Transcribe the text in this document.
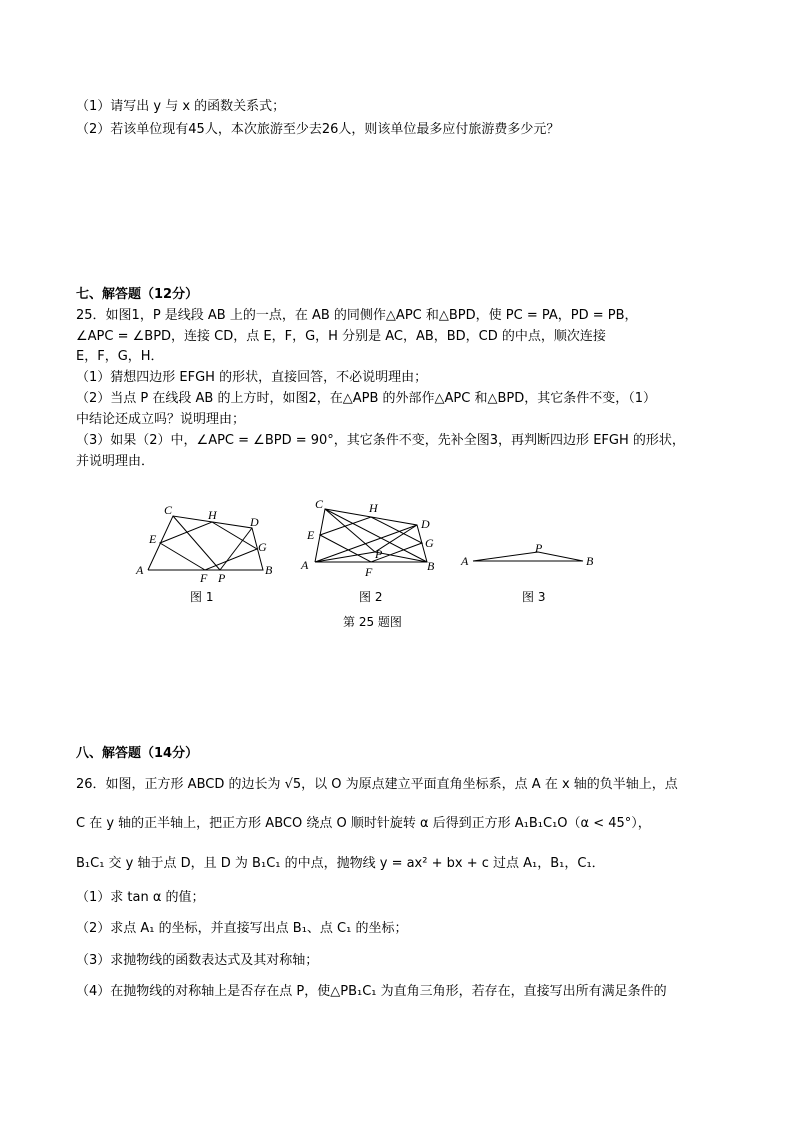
（1）请写出 y 与 x 的函数关系式；
（2）若该单位现有45人，本次旅游至少去26人，则该单位最多应付旅游费多少元？
七、解答题（12分）
25．如图1，P 是线段 AB 上的一点，在 AB 的同侧作△APC 和△BPD，使 PC = PA，PD = PB，
∠APC = ∠BPD，连接 CD，点 E，F，G，H 分别是 AC，AB，BD，CD 的中点，顺次连接
E，F，G，H．
（1）猜想四边形 EFGH 的形状，直接回答，不必说明理由；
（2）当点 P 在线段 AB 的上方时，如图2，在△APB 的外部作△APC 和△BPD，其它条件不变，（1）
中结论还成立吗？说明理由；
（3）如果（2）中，∠APC = ∠BPD = 90°，其它条件不变，先补全图3，再判断四边形 EFGH 的形状，
并说明理由．
C	H	D
E
G
A
F P
B
图 1
C	H
D
E
G
P
A	F	B
图 2
A
P
B
图 3
第 25 题图
八、解答题（14分）
26．如图，正方形 ABCD 的边长为 √5，以 O 为原点建立平面直角坐标系，点 A 在 x 轴的负半轴上，点
C 在 y 轴的正半轴上，把正方形 ABCO 绕点 O 顺时针旋转 α 后得到正方形 A₁B₁C₁O（α < 45°），
B₁C₁ 交 y 轴于点 D，且 D 为 B₁C₁ 的中点，抛物线 y = ax² + bx + c 过点 A₁，B₁，C₁．
（1）求 tan α 的值；
（2）求点 A₁ 的坐标，并直接写出点 B₁、点 C₁ 的坐标；
（3）求抛物线的函数表达式及其对称轴；
（4）在抛物线的对称轴上是否存在点 P，使△PB₁C₁ 为直角三角形，若存在，直接写出所有满足条件的
